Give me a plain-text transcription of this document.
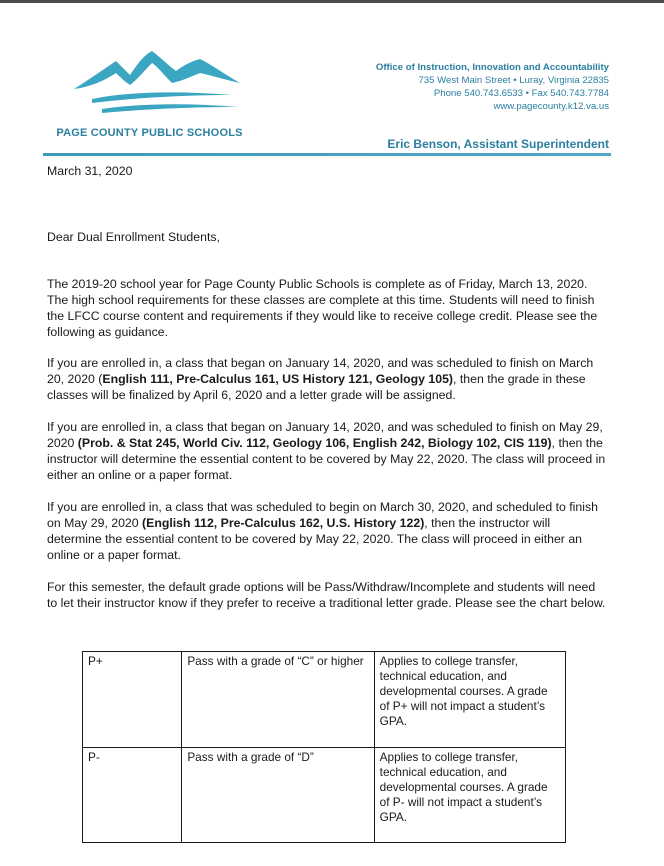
PAGE COUNTY PUBLIC SCHOOLS
Office of Instruction, Innovation and Accountability
735 West Main Street • Luray, Virginia 22835
Phone 540.743.6533 • Fax 540.743.7784
www.pagecounty.k12.va.us
Eric Benson, Assistant Superintendent
March 31, 2020
Dear Dual Enrollment Students,
The 2019-20 school year for Page County Public Schools is complete as of Friday, March 13, 2020. The high school requirements for these classes are complete at this time. Students will need to finish the LFCC course content and requirements if they would like to receive college credit. Please see the following as guidance.
If you are enrolled in, a class that began on January 14, 2020, and was scheduled to finish on March 20, 2020 (English 111, Pre-Calculus 161, US History 121, Geology 105), then the grade in these classes will be finalized by April 6, 2020 and a letter grade will be assigned.
If you are enrolled in, a class that began on January 14, 2020, and was scheduled to finish on May 29, 2020 (Prob. & Stat 245, World Civ. 112, Geology 106, English 242, Biology 102, CIS 119), then the instructor will determine the essential content to be covered by May 22, 2020. The class will proceed in either an online or a paper format.
If you are enrolled in, a class that was scheduled to begin on March 30, 2020, and scheduled to finish on May 29, 2020 (English 112, Pre-Calculus 162, U.S. History 122), then the instructor will determine the essential content to be covered by May 22, 2020. The class will proceed in either an online or a paper format.
For this semester, the default grade options will be Pass/Withdraw/Incomplete and students will need to let their instructor know if they prefer to receive a traditional letter grade. Please see the chart below.
P+	Pass with a grade of “C” or higher	Applies to college transfer, technical education, and developmental courses. A grade of P+ will not impact a student’s GPA.
P-	Pass with a grade of “D”	Applies to college transfer, technical education, and developmental courses. A grade of P- will not impact a student’s GPA.
